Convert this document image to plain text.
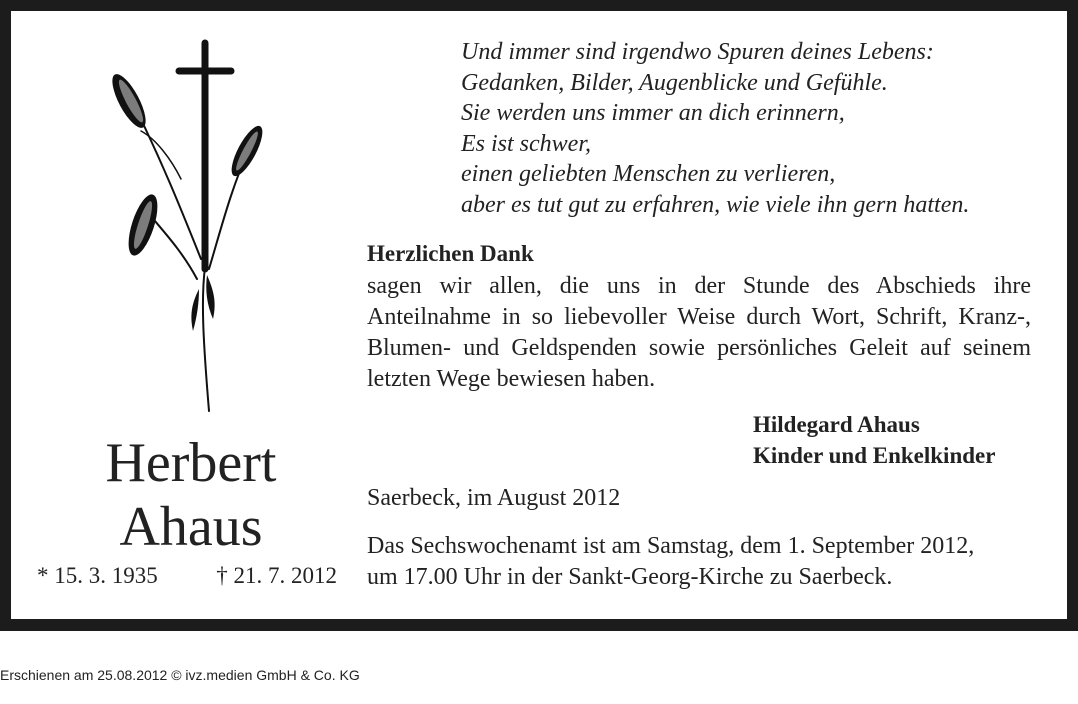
Herbert
Ahaus
* 15. 3. 1935	† 21. 7. 2012
Und immer sind irgendwo Spuren deines Lebens:
Gedanken, Bilder, Augenblicke und Gefühle.
Sie werden uns immer an dich erinnern,
Es ist schwer,
einen geliebten Menschen zu verlieren,
aber es tut gut zu erfahren, wie viele ihn gern hatten.
Herzlichen Dank
sagen wir allen, die uns in der Stunde des Abschieds ihre Anteilnahme in so liebevoller Weise durch Wort, Schrift, Kranz-, Blumen- und Geldspenden sowie persönliches Geleit auf seinem letzten Wege bewiesen haben.
Hildegard Ahaus
Kinder und Enkelkinder
Saerbeck, im August 2012
Das Sechswochenamt ist am Samstag, dem 1. September 2012,
um 17.00 Uhr in der Sankt-Georg-Kirche zu Saerbeck.
Erschienen am 25.08.2012 © ivz.medien GmbH & Co. KG
